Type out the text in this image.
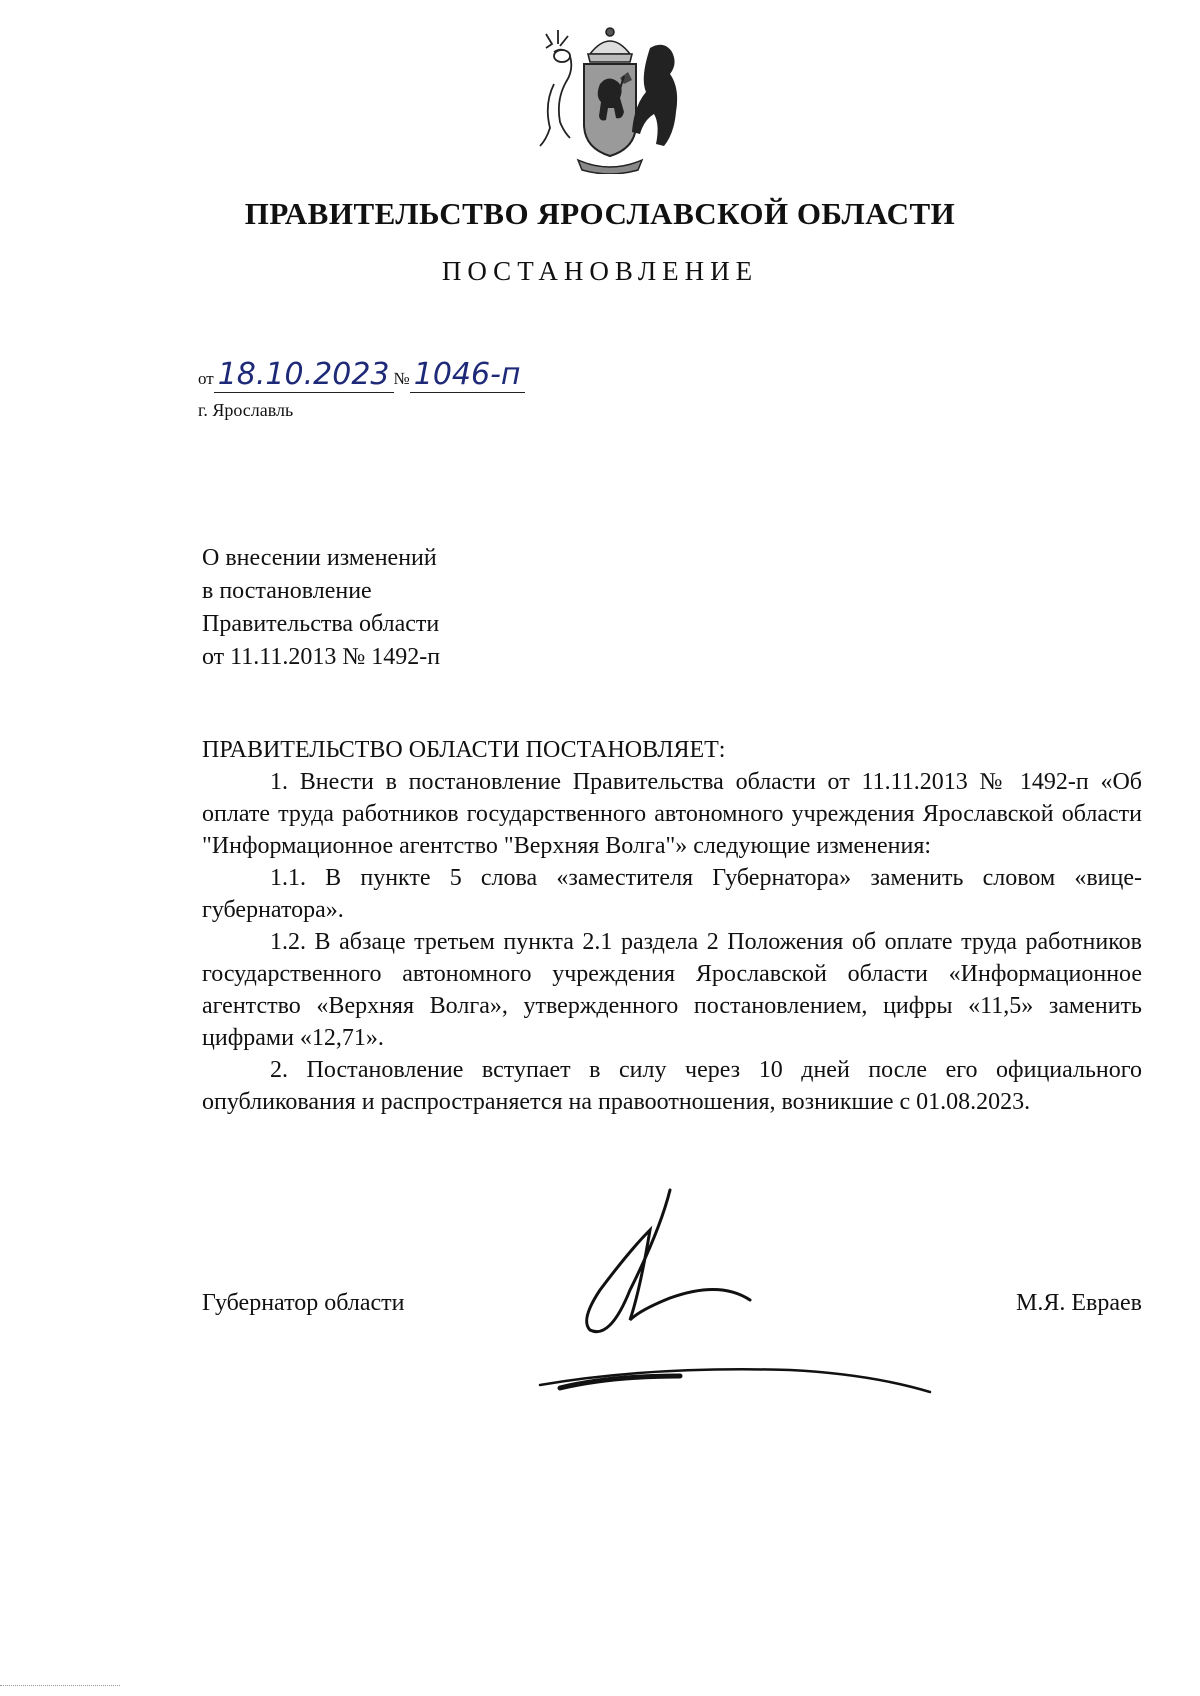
ПРАВИТЕЛЬСТВО ЯРОСЛАВСКОЙ ОБЛАСТИ
ПОСТАНОВЛЕНИЕ
от 18.10.2023 № 1046-п
г. Ярославль
О внесении изменений
в постановление
Правительства области
от 11.11.2013 № 1492-п
ПРАВИТЕЛЬСТВО ОБЛАСТИ ПОСТАНОВЛЯЕТ:

1. Внести в постановление Правительства области от 11.11.2013 № 1492-п «Об оплате труда работников государственного автономного учреждения Ярославской области "Информационное агентство "Верхняя Волга"» следующие изменения:

1.1. В пункте 5 слова «заместителя Губернатора» заменить словом «вице-губернатора».

1.2. В абзаце третьем пункта 2.1 раздела 2 Положения об оплате труда работников государственного автономного учреждения Ярославской области «Информационное агентство «Верхняя Волга», утвержденного постановлением, цифры «11,5» заменить цифрами «12,71».

2. Постановление вступает в силу через 10 дней после его официального опубликования и распространяется на правоотношения, возникшие с 01.08.2023.

Губернатор области	М.Я. Евраев
